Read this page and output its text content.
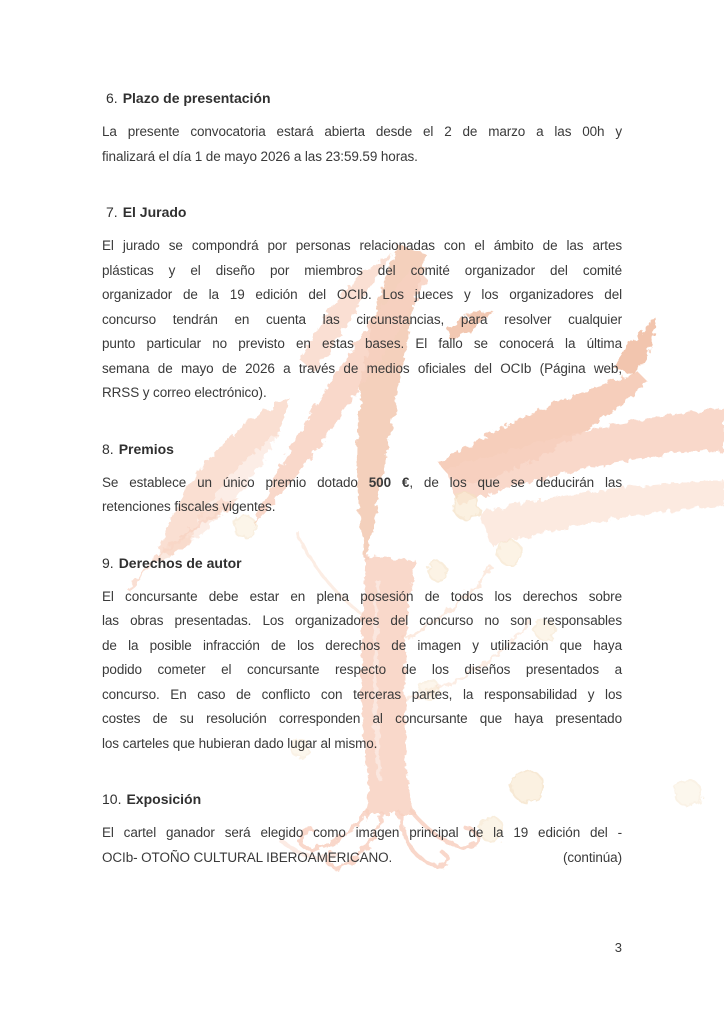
6. Plazo de presentación

La presente convocatoria estará abierta desde el 2 de marzo a las 00h y
finalizará el día 1 de mayo 2026 a las 23:59.59 horas.

7. El Jurado

El jurado se compondrá por personas relacionadas con el ámbito de las artes
plásticas y el diseño por miembros del comité organizador del comité
organizador de la 19 edición del OCIb. Los jueces y los organizadores del
concurso tendrán en cuenta las circunstancias, para resolver cualquier
punto particular no previsto en estas bases. El fallo se conocerá la última
semana de mayo de 2026 a través de medios oficiales del OCIb (Página web,
RRSS y correo electrónico).

8. Premios

Se establece un único premio dotado 500 €, de los que se deducirán las
retenciones fiscales vigentes.

9. Derechos de autor

El concursante debe estar en plena posesión de todos los derechos sobre
las obras presentadas. Los organizadores del concurso no son responsables
de la posible infracción de los derechos de imagen y utilización que haya
podido cometer el concursante respecto de los diseños presentados a
concurso. En caso de conflicto con terceras partes, la responsabilidad y los
costes de su resolución corresponden al concursante que haya presentado
los carteles que hubieran dado lugar al mismo.

10. Exposición

El cartel ganador será elegido como imagen principal de la 19 edición del -
OCIb- OTOÑO CULTURAL IBEROAMERICANO.	(continúa)

3
